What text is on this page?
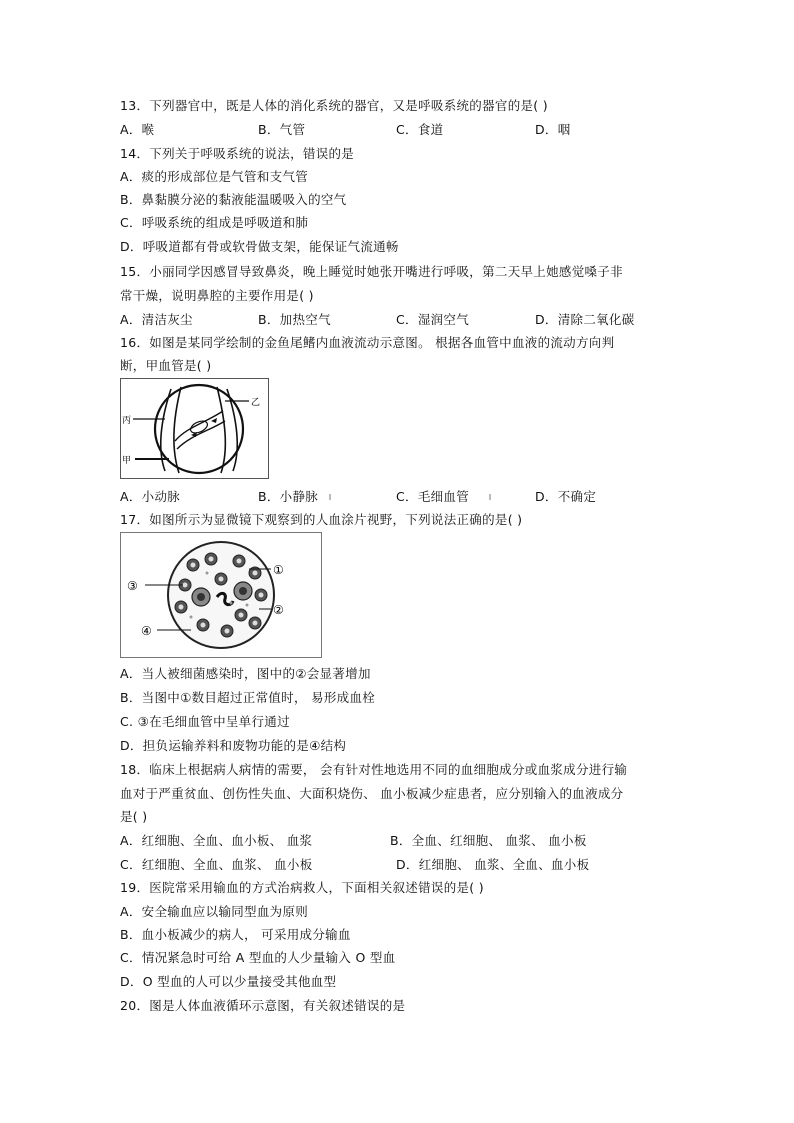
13．下列器官中，既是人体的消化系统的器官，又是呼吸系统的器官的是( )
A．喉	B．气管	C．食道	D．咽
14．下列关于呼吸系统的说法，错误的是
A．痰的形成部位是气管和支气管
B．鼻黏膜分泌的黏液能温暖吸入的空气
C．呼吸系统的组成是呼吸道和肺
D．呼吸道都有骨或软骨做支架，能保证气流通畅
15．小丽同学因感冒导致鼻炎，晚上睡觉时她张开嘴进行呼吸，第二天早上她感觉嗓子非
常干燥，说明鼻腔的主要作用是( )
A．清洁灰尘	B．加热空气	C．湿润空气	D．清除二氧化碳
16．如图是某同学绘制的金鱼尾鳍内血液流动示意图。 根据各血管中血液的流动方向判
断，甲血管是( )
乙
丙
甲
A．小动脉	B．小静脉	C．毛细血管	D．不确定
17．如图所示为显微镜下观察到的人血涂片视野，下列说法正确的是( )
①
②
③
④
A．当人被细菌感染时，图中的②会显著增加
B．当图中①数目超过正常值时， 易形成血栓
C. ③在毛细血管中呈单行通过
D．担负运输养料和废物功能的是④结构
18．临床上根据病人病情的需要， 会有针对性地选用不同的血细胞成分或血浆成分进行输
血对于严重贫血、创伤性失血、大面积烧伤、 血小板减少症患者，应分别输入的血液成分
是( )
A．红细胞、全血、血小板、 血浆	B．全血、红细胞、 血浆、 血小板
C．红细胞、全血、血浆、 血小板	D．红细胞、 血浆、全血、血小板
19．医院常采用输血的方式治病救人，下面相关叙述错误的是( )
A．安全输血应以输同型血为原则
B．血小板减少的病人， 可采用成分输血
C．情况紧急时可给 A 型血的人少量输入 O 型血
D．O 型血的人可以少量接受其他血型
20．图是人体血液循环示意图，有关叙述错误的是
